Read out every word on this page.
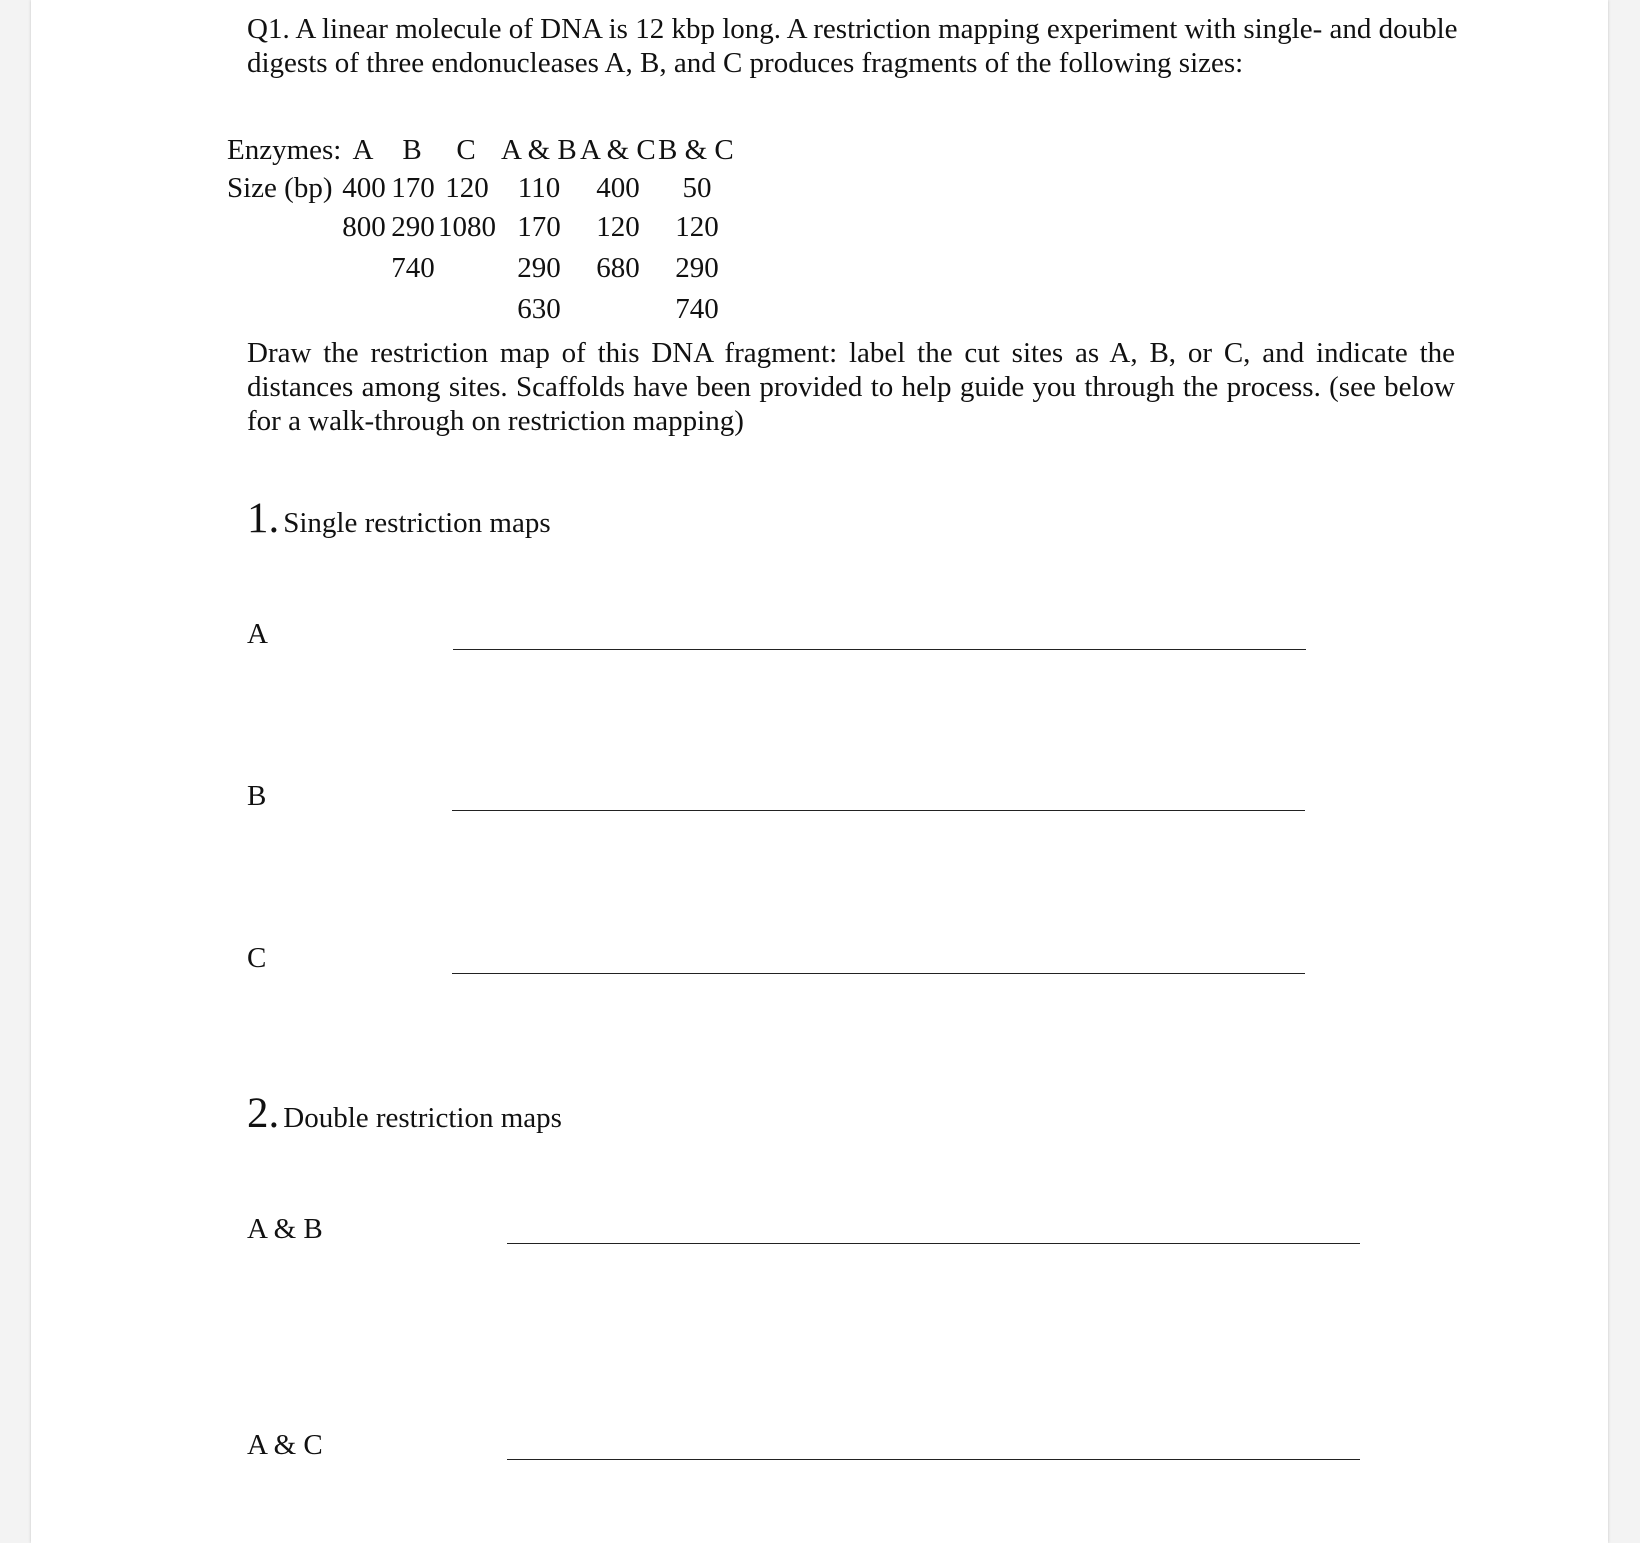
Q1. A linear molecule of DNA is 12 kbp long. A restriction mapping experiment with single- and double digests of three endonucleases A, B, and C produces fragments of the following sizes:
Enzymes: A B C A & B A & C B & C
Size (bp) 400
800
170
290
740
120
1080
110
170
290
630
400
120
680
50
120
290
740
Draw the restriction map of this DNA fragment: label the cut sites as A, B, or C, and indicate the distances among sites. Scaffolds have been provided to help guide you through the process. (see below for a walk-through on restriction mapping)
1. Single restriction maps
A
B
C
2. Double restriction maps
A & B
A & C
